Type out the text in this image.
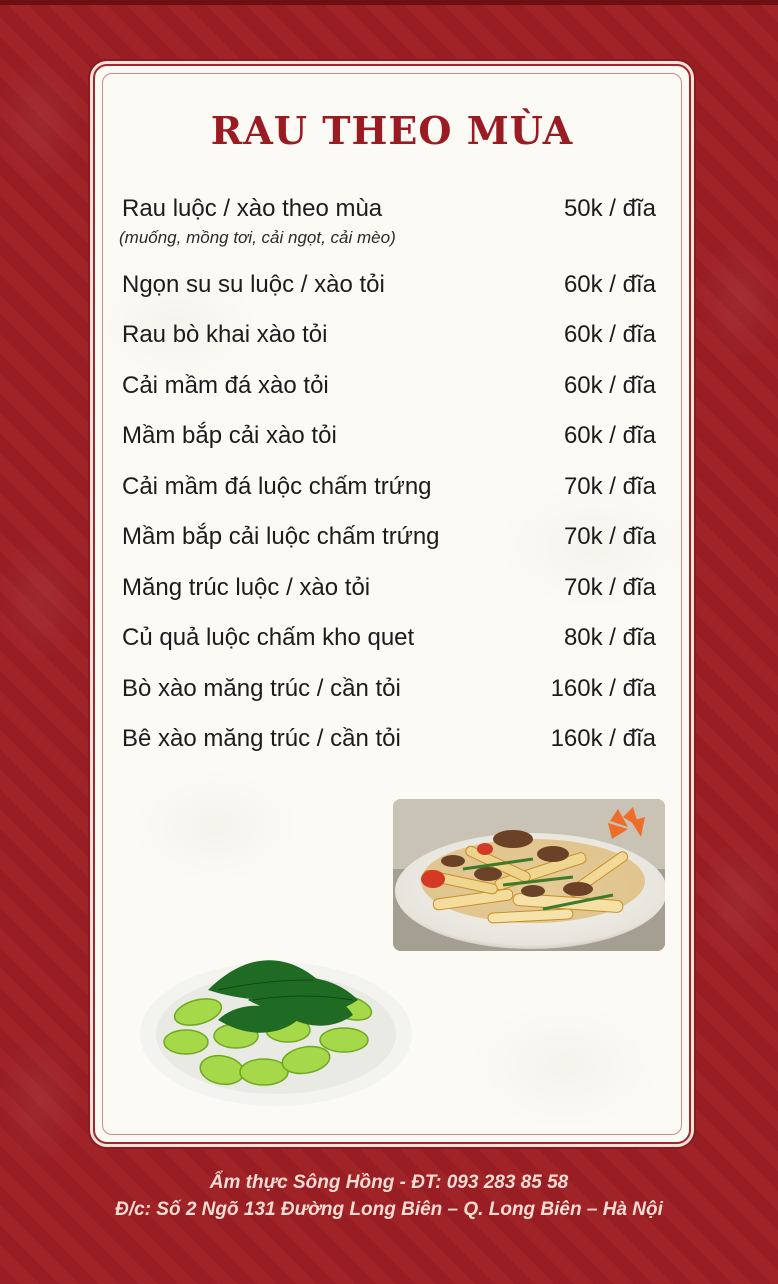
RAU THEO MÙA
Rau luộc / xào theo mùa	50k / đĩa
(muống, mồng tơi, cải ngọt, cải mèo)
Ngọn su su luộc / xào tỏi	60k / đĩa
Rau bò khai xào tỏi	60k / đĩa
Cải mầm đá xào tỏi	60k / đĩa
Mầm bắp cải xào tỏi	60k / đĩa
Cải mầm đá luộc chấm trứng	70k / đĩa
Mầm bắp cải luộc chấm trứng	70k / đĩa
Măng trúc luộc / xào tỏi	70k / đĩa
Củ quả luộc chấm kho quet	80k / đĩa
Bò xào măng trúc / cần tỏi	160k / đĩa
Bê xào măng trúc / cần tỏi	160k / đĩa
Ẩm thực Sông Hồng - ĐT: 093 283 85 58
Đ/c: Số 2 Ngõ 131 Đường Long Biên – Q. Long Biên – Hà Nội
